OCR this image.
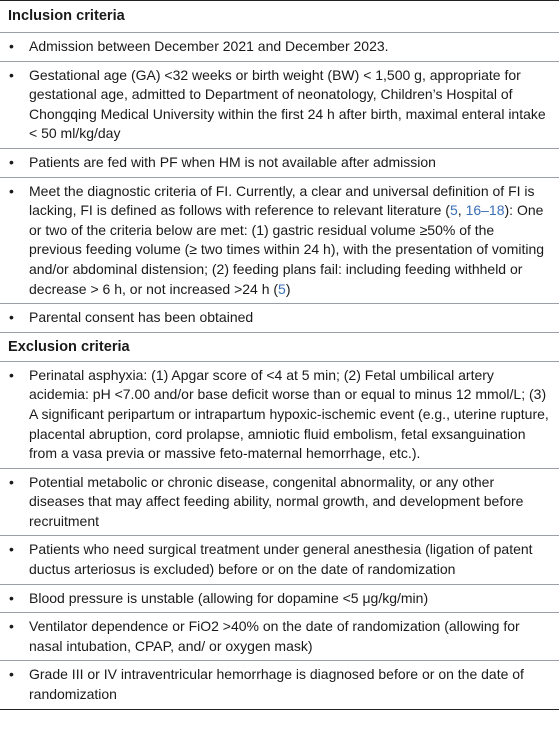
Inclusion criteria
• Admission between December 2021 and December 2023.
• Gestational age (GA) <32 weeks or birth weight (BW) < 1,500 g, appropriate for gestational age, admitted to Department of neonatology, Children’s Hospital of Chongqing Medical University within the first 24 h after birth, maximal enteral intake < 50 ml/kg/day
• Patients are fed with PF when HM is not available after admission
• Meet the diagnostic criteria of FI. Currently, a clear and universal definition of FI is lacking, FI is defined as follows with reference to relevant literature (5, 16–18): One or two of the criteria below are met: (1) gastric residual volume ≥50% of the previous feeding volume (≥ two times within 24 h), with the presentation of vomiting and/or abdominal distension; (2) feeding plans fail: including feeding withheld or decrease > 6 h, or not increased >24 h (5)
• Parental consent has been obtained
Exclusion criteria
• Perinatal asphyxia: (1) Apgar score of <4 at 5 min; (2) Fetal umbilical artery acidemia: pH <7.00 and/or base deficit worse than or equal to minus 12 mmol/L; (3) A significant peripartum or intrapartum hypoxic-ischemic event (e.g., uterine rupture, placental abruption, cord prolapse, amniotic fluid embolism, fetal exsanguination from a vasa previa or massive feto-maternal hemorrhage, etc.).
• Potential metabolic or chronic disease, congenital abnormality, or any other diseases that may affect feeding ability, normal growth, and development before recruitment
• Patients who need surgical treatment under general anesthesia (ligation of patent ductus arteriosus is excluded) before or on the date of randomization
• Blood pressure is unstable (allowing for dopamine <5 μg/kg/min)
• Ventilator dependence or FiO2 >40% on the date of randomization (allowing for nasal intubation, CPAP, and/ or oxygen mask)
• Grade III or IV intraventricular hemorrhage is diagnosed before or on the date of randomization
